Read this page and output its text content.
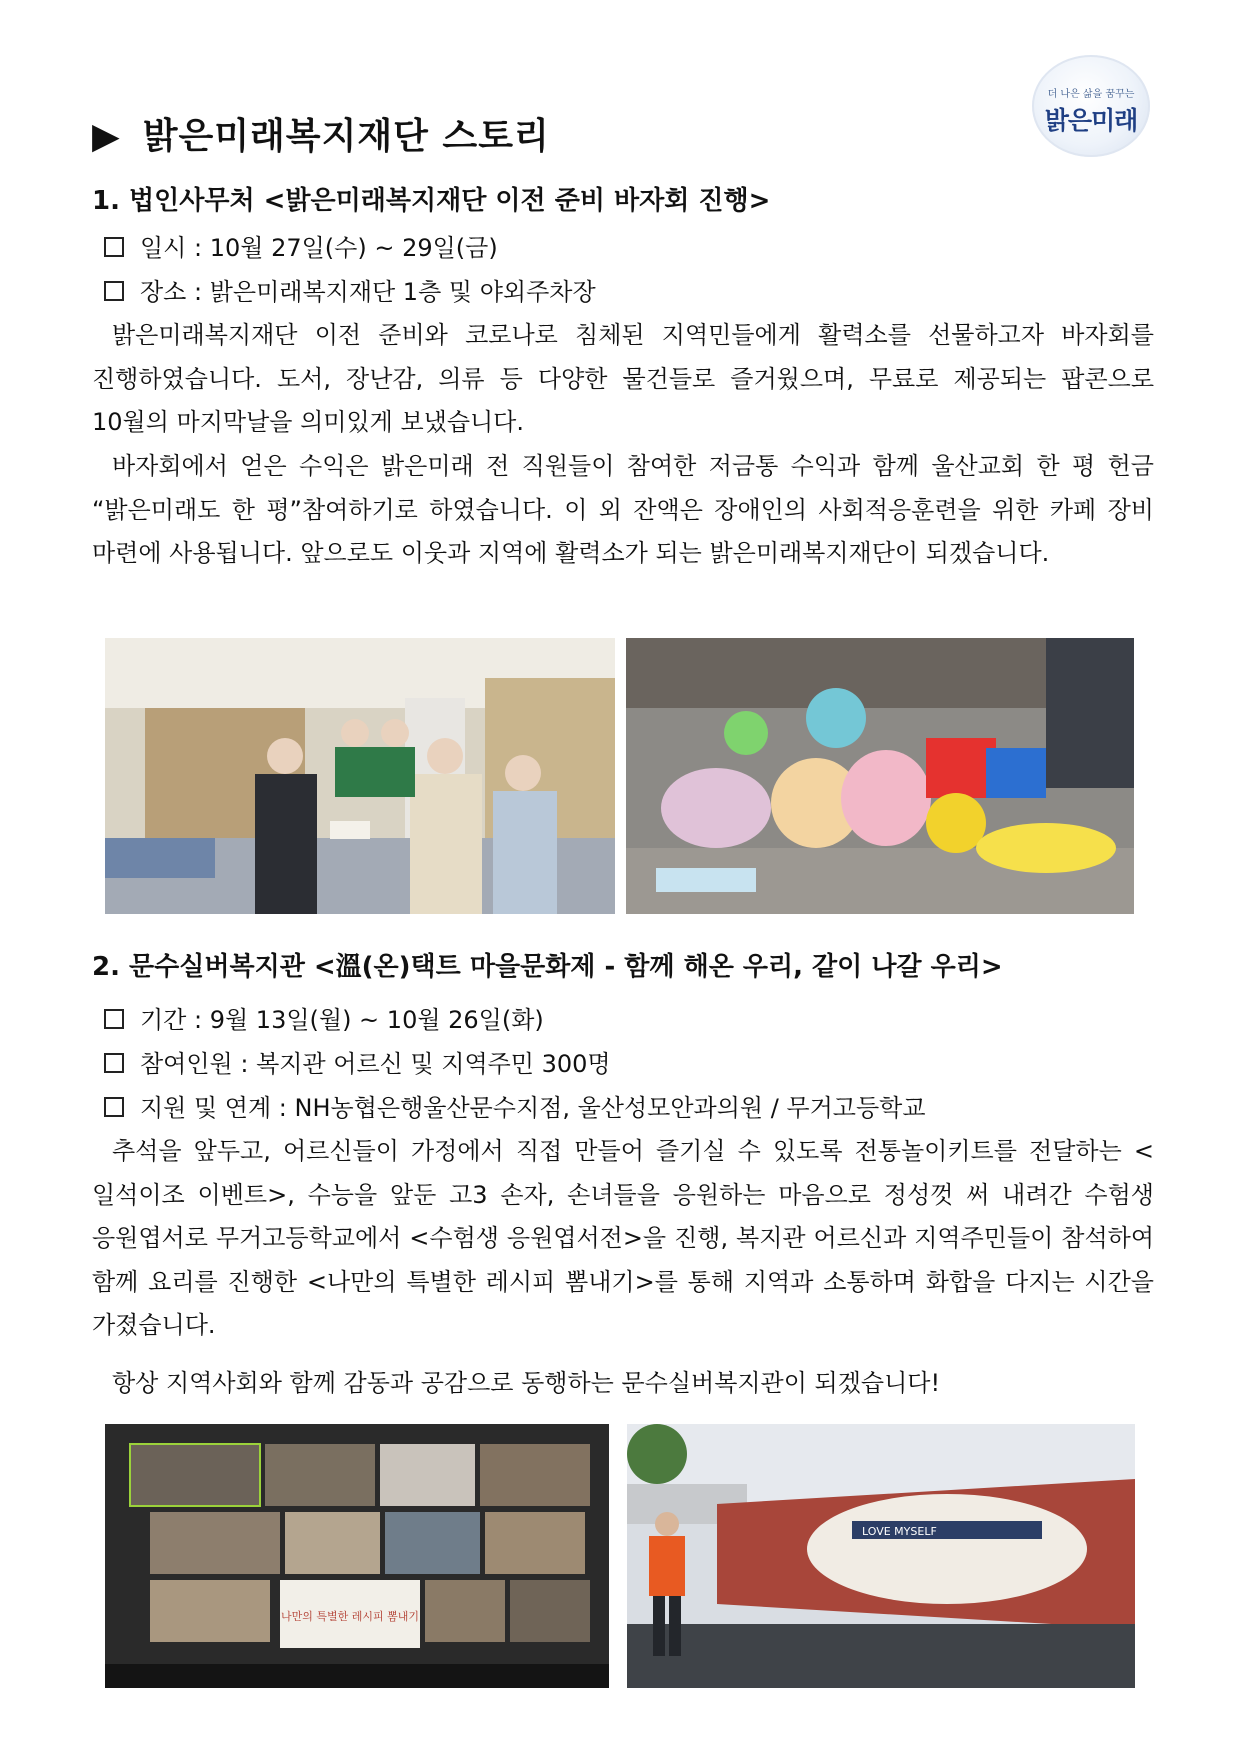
더 나은 삶을 꿈꾸는
밝은미래
▶ 밝은미래복지재단 스토리
1. 법인사무처 <밝은미래복지재단 이전 준비 바자회 진행>
일시 : 10월 27일(수) ~ 29일(금)
장소 : 밝은미래복지재단 1층 및 야외주차장
밝은미래복지재단 이전 준비와 코로나로 침체된 지역민들에게 활력소를 선물하고자 바자회를 진행하였습니다. 도서, 장난감, 의류 등 다양한 물건들로 즐거웠으며, 무료로 제공되는 팝콘으로 10월의 마지막날을 의미있게 보냈습니다.
바자회에서 얻은 수익은 밝은미래 전 직원들이 참여한 저금통 수익과 함께 울산교회 한 평 헌금 “밝은미래도 한 평”참여하기로 하였습니다. 이 외 잔액은 장애인의 사회적응훈련을 위한 카페 장비 마련에 사용됩니다. 앞으로도 이웃과 지역에 활력소가 되는 밝은미래복지재단이 되겠습니다.
2. 문수실버복지관 <溫(온)택트 마을문화제 - 함께 해온 우리, 같이 나갈 우리>
기간 : 9월 13일(월) ~ 10월 26일(화)
참여인원 : 복지관 어르신 및 지역주민 300명
지원 및 연계 : NH농협은행울산문수지점, 울산성모안과의원 / 무거고등학교
추석을 앞두고, 어르신들이 가정에서 직접 만들어 즐기실 수 있도록 전통놀이키트를 전달하는 <일석이조 이벤트>, 수능을 앞둔 고3 손자, 손녀들을 응원하는 마음으로 정성껏 써 내려간 수험생 응원엽서로 무거고등학교에서 <수험생 응원엽서전>을 진행, 복지관 어르신과 지역주민들이 참석하여 함께 요리를 진행한 <나만의 특별한 레시피 뽐내기>를 통해 지역과 소통하며 화합을 다지는 시간을 가졌습니다.
항상 지역사회와 함께 감동과 공감으로 동행하는 문수실버복지관이 되겠습니다!
나만의 특별한 레시피 뽐내기
LOVE MYSELF
